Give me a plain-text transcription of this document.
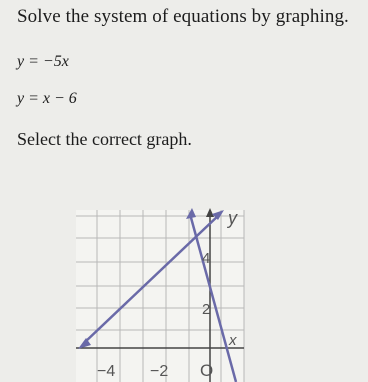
Solve the system of equations by graphing.
y = −5x
y = x − 6
Select the correct graph.
y
x
4
2
−4 −2 O
